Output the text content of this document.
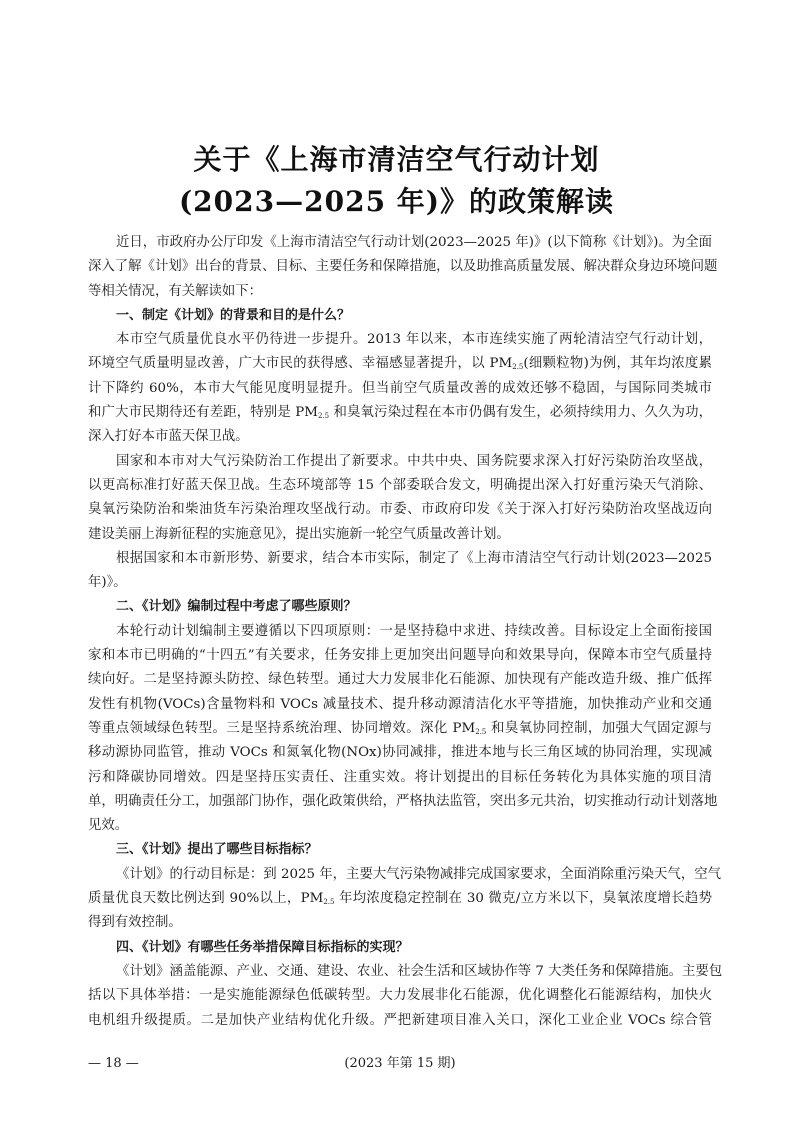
关于《上海市清洁空气行动计划
(2023—2025 年)》的政策解读
近日，市政府办公厅印发《上海市清洁空气行动计划(2023—2025 年)》(以下简称《计划》)。为全面
深入了解《计划》出台的背景、目标、主要任务和保障措施，以及助推高质量发展、解决群众身边环境问题
等相关情况，有关解读如下：
一、制定《计划》的背景和目的是什么？
本市空气质量优良水平仍待进一步提升。2013 年以来，本市连续实施了两轮清洁空气行动计划，
环境空气质量明显改善，广大市民的获得感、幸福感显著提升，以 $PM_{2.5}$(细颗粒物)为例，其年均浓度累
计下降约 60%，本市大气能见度明显提升。但当前空气质量改善的成效还够不稳固，与国际同类城市
和广大市民期待还有差距，特别是 $PM_{2.5}$ 和臭氧污染过程在本市仍偶有发生，必须持续用力、久久为功，
深入打好本市蓝天保卫战。
国家和本市对大气污染防治工作提出了新要求。中共中央、国务院要求深入打好污染防治攻坚战，
以更高标准打好蓝天保卫战。生态环境部等 15 个部委联合发文，明确提出深入打好重污染天气消除、
臭氧污染防治和柴油货车污染治理攻坚战行动。市委、市政府印发《关于深入打好污染防治攻坚战迈向
建设美丽上海新征程的实施意见》，提出实施新一轮空气质量改善计划。
根据国家和本市新形势、新要求，结合本市实际，制定了《上海市清洁空气行动计划(2023—2025
年)》。
二、《计划》编制过程中考虑了哪些原则？
本轮行动计划编制主要遵循以下四项原则：一是坚持稳中求进、持续改善。目标设定上全面衔接国
家和本市已明确的“十四五”有关要求，任务安排上更加突出问题导向和效果导向，保障本市空气质量持
续向好。二是坚持源头防控、绿色转型。通过大力发展非化石能源、加快现有产能改造升级、推广低挥
发性有机物(VOCs)含量物料和 VOCs 减量技术、提升移动源清洁化水平等措施，加快推动产业和交通
等重点领域绿色转型。三是坚持系统治理、协同增效。深化 $PM_{2.5}$ 和臭氧协同控制，加强大气固定源与
移动源协同监管，推动 VOCs 和氮氧化物(NOx)协同减排，推进本地与长三角区域的协同治理，实现减
污和降碳协同增效。四是坚持压实责任、注重实效。将计划提出的目标任务转化为具体实施的项目清
单，明确责任分工，加强部门协作，强化政策供给，严格执法监管，突出多元共治，切实推动行动计划落地
见效。
三、《计划》提出了哪些目标指标？
《计划》的行动目标是：到 2025 年，主要大气污染物减排完成国家要求，全面消除重污染天气，空气
质量优良天数比例达到 90%以上，$PM_{2.5}$ 年均浓度稳定控制在 30 微克/立方米以下，臭氧浓度增长趋势
得到有效控制。
四、《计划》有哪些任务举措保障目标指标的实现？
《计划》涵盖能源、产业、交通、建设、农业、社会生活和区域协作等 7 大类任务和保障措施。主要包
括以下具体举措：一是实施能源绿色低碳转型。大力发展非化石能源，优化调整化石能源结构，加快火
电机组升级提质。二是加快产业结构优化升级。严把新建项目准入关口，深化工业企业 VOCs 综合管
— 18 —	(2023 年第 15 期)
